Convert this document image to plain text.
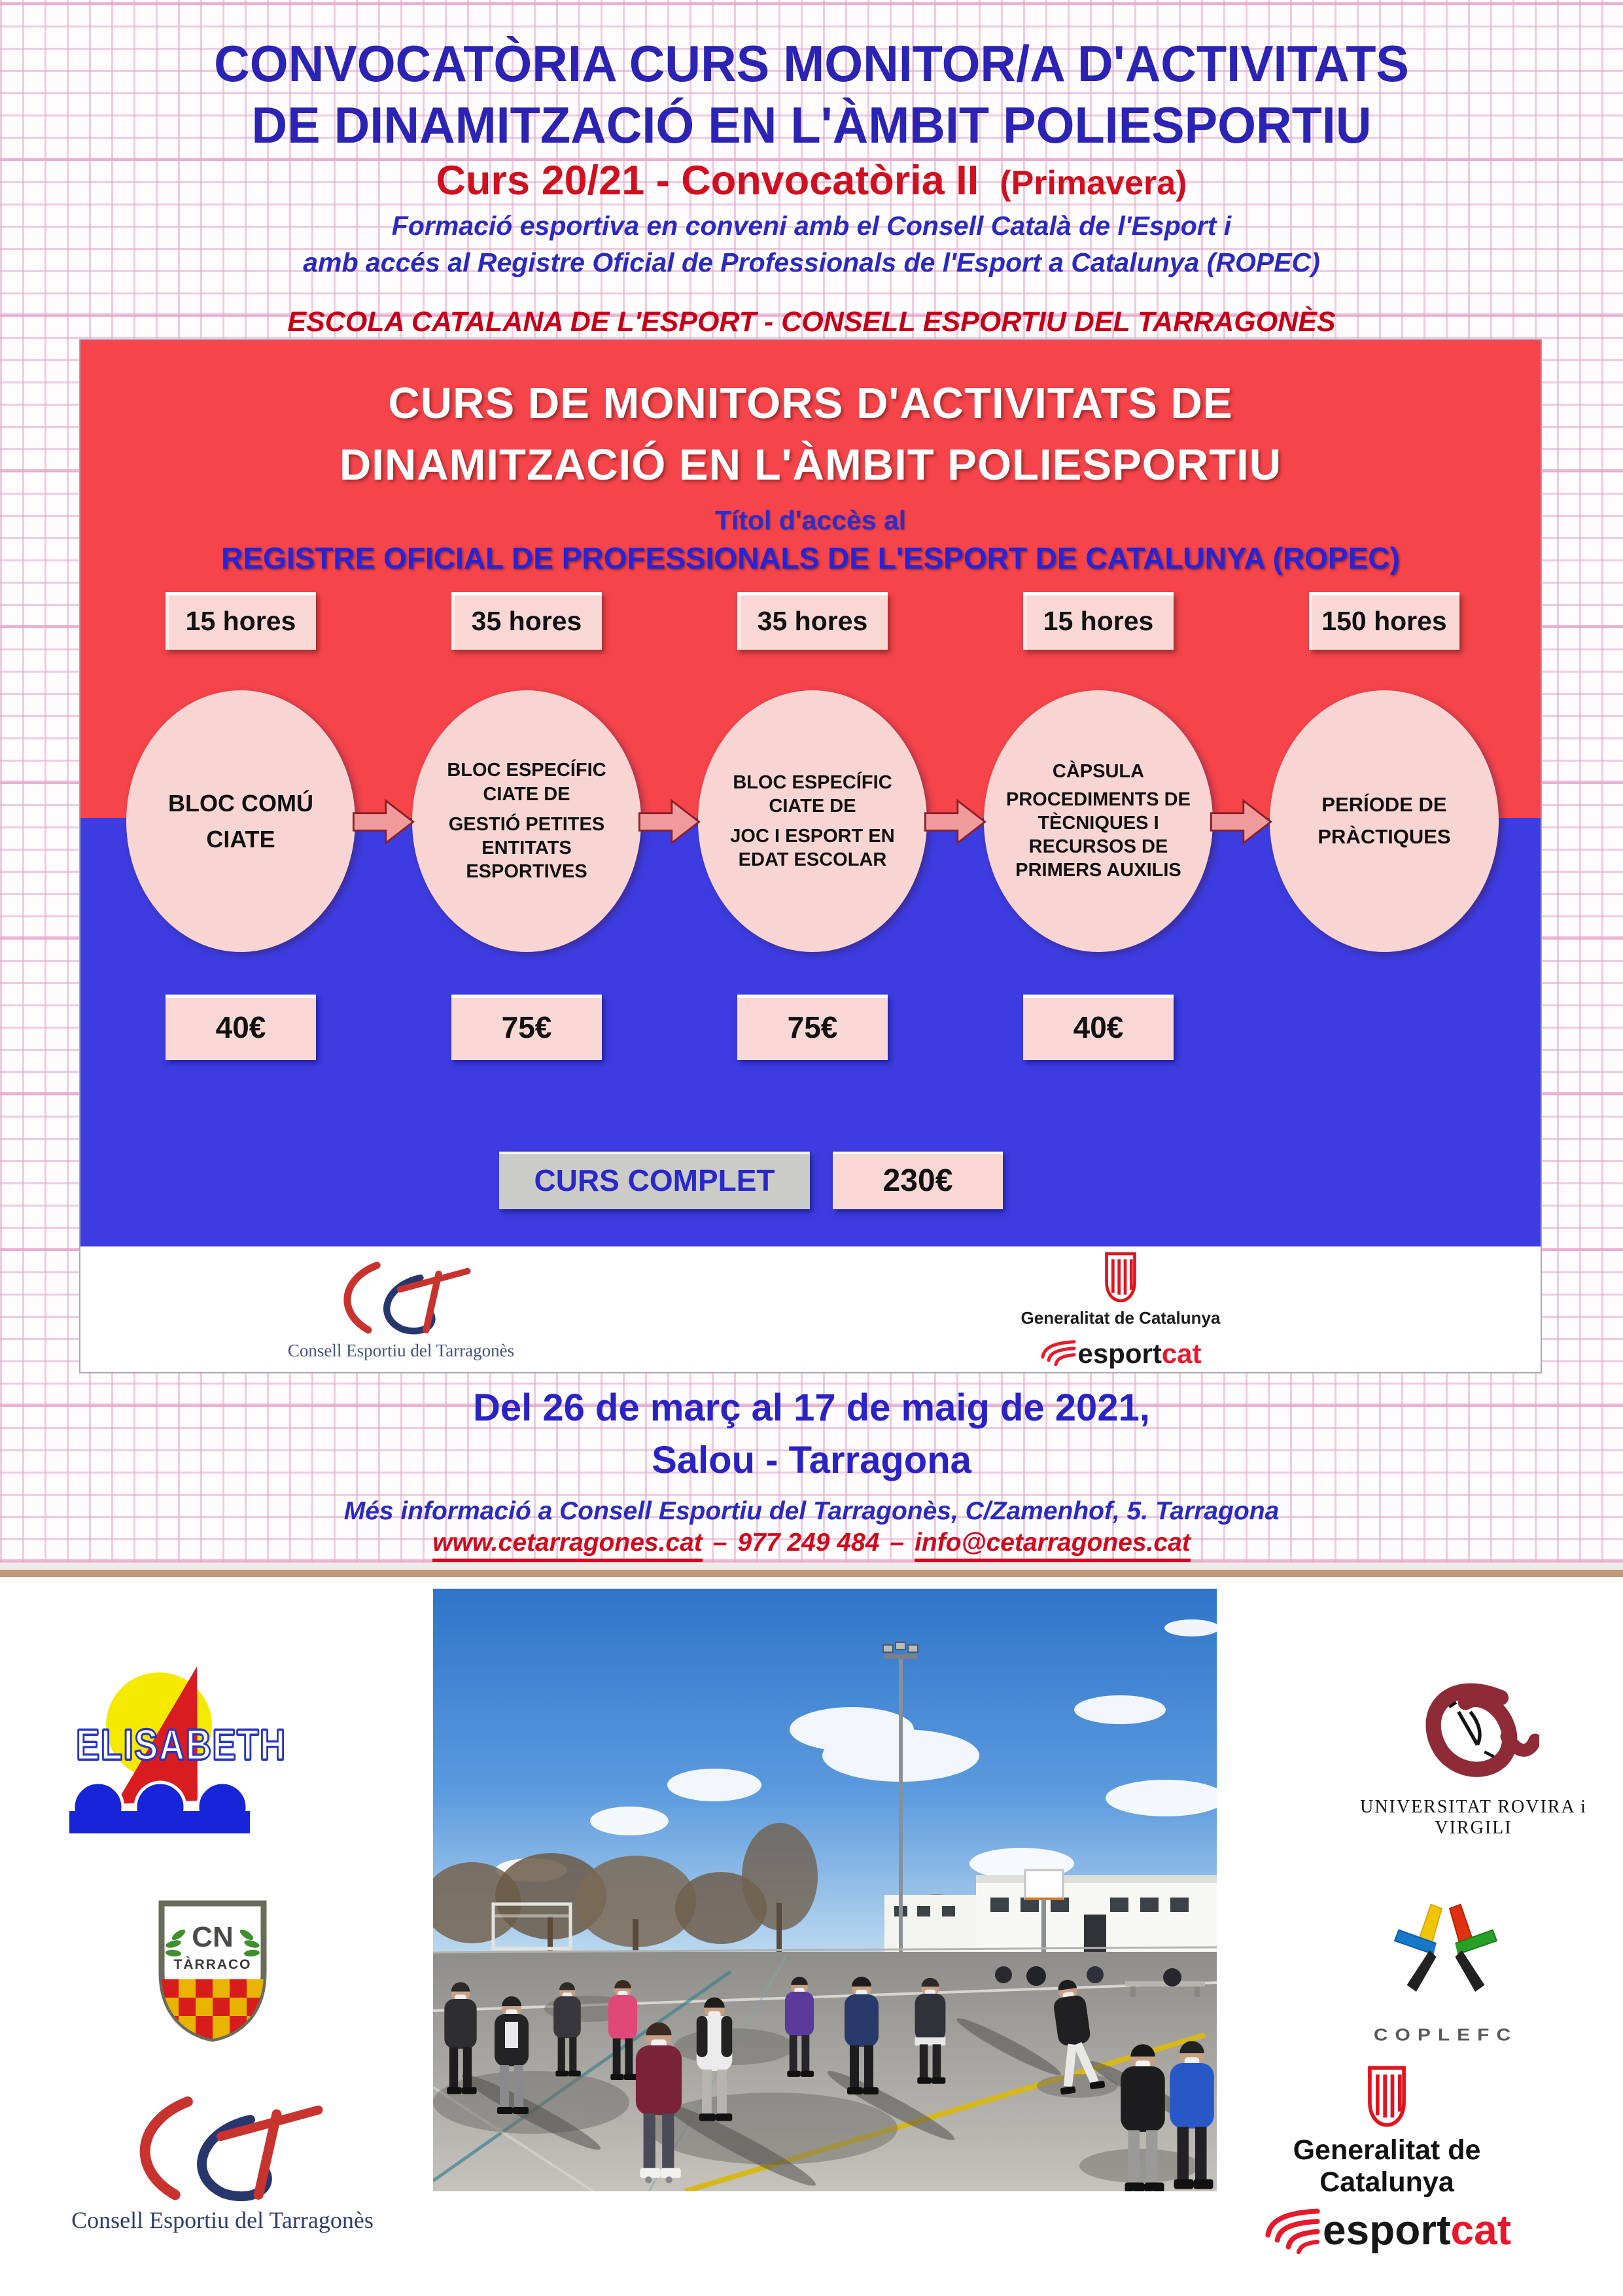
CONVOCATÒRIA CURS MONITOR/A D'ACTIVITATS
DE DINAMITZACIÓ EN L'ÀMBIT POLIESPORTIU
Curs 20/21 - Convocatòria II (Primavera)
Formació esportiva en conveni amb el Consell Català de l'Esport i
amb accés al Registre Oficial de Professionals de l'Esport a Catalunya (ROPEC)
ESCOLA CATALANA DE L'ESPORT - CONSELL ESPORTIU DEL TARRAGONÈS
CURS DE MONITORS D'ACTIVITATS DE
DINAMITZACIÓ EN L'ÀMBIT POLIESPORTIU
Títol d'accès al
REGISTRE OFICIAL DE PROFESSIONALS DE L'ESPORT DE CATALUNYA (ROPEC)
15 hores	35 hores	35 hores	15 hores	150 hores
BLOC COMÚ
CIATE
BLOC ESPECÍFIC CIATE DE
GESTIÓ PETITES ENTITATS ESPORTIVES
BLOC ESPECÍFIC CIATE DE
JOC I ESPORT EN EDAT ESCOLAR
CÀPSULA
PROCEDIMENTS DE TÈCNIQUES I RECURSOS DE PRIMERS AUXILIS
PERÍODE DE
PRÀCTIQUES
40€	75€	75€	40€
CURS COMPLET	230€
Consell Esportiu del Tarragonès
Generalitat de Catalunya
esportcat
Del 26 de març al 17 de maig de 2021,
Salou - Tarragona
Més informació a Consell Esportiu del Tarragonès, C/Zamenhof, 5. Tarragona
www.cetarragones.cat – 977 249 484 – info@cetarragones.cat
ELISABETH
CN
TÀRRACO
Consell Esportiu del Tarragonès
UNIVERSITAT ROVIRA i VIRGILI
COPLEFC
Generalitat de Catalunya
esportcat
